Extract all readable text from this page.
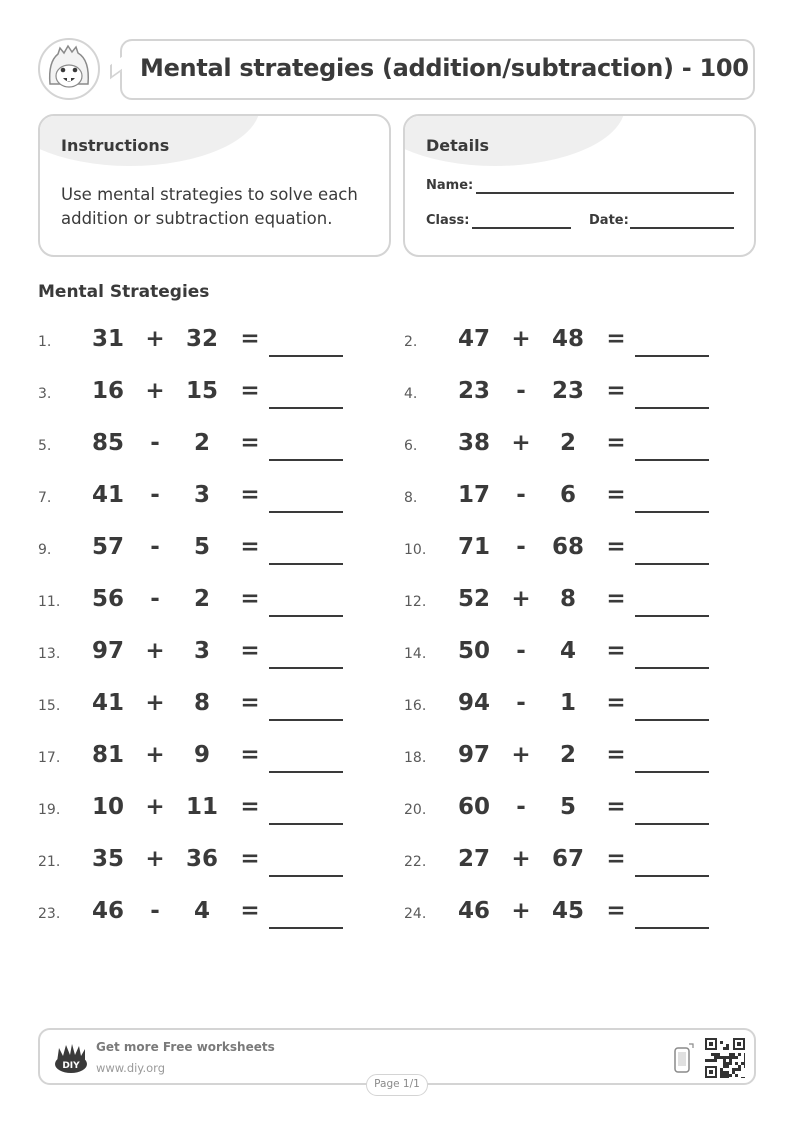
Mental strategies (addition/subtraction) - 100
Instructions
Use mental strategies to solve each addition or subtraction equation.
Details
Name:
Class:	Date:
Mental Strategies
1.	31 + 32 =	2.	47 + 48 =
3.	16 + 15 =	4.	23	-	23 =
5.	85	-	2	=	6.	38 +	2	=
7.	41	-	3	=	8.	17	-	6	=
9.	57	-	5	=	10.	71	-	68 =
11.	56	-	2	=	12.	52 +	8	=
13.	97 +	3	=	14.	50	-	4	=
15.	41 +	8	=	16.	94	-	1	=
17.	81 +	9	=	18.	97 +	2	=
19.	10 + 11 =	20.	60	-	5	=
21.	35 + 36 =	22.	27 + 67 =
23.	46	-	4	=	24.	46 + 45 =
DIY
Get more Free worksheets
www.diy.org
Page 1/1
